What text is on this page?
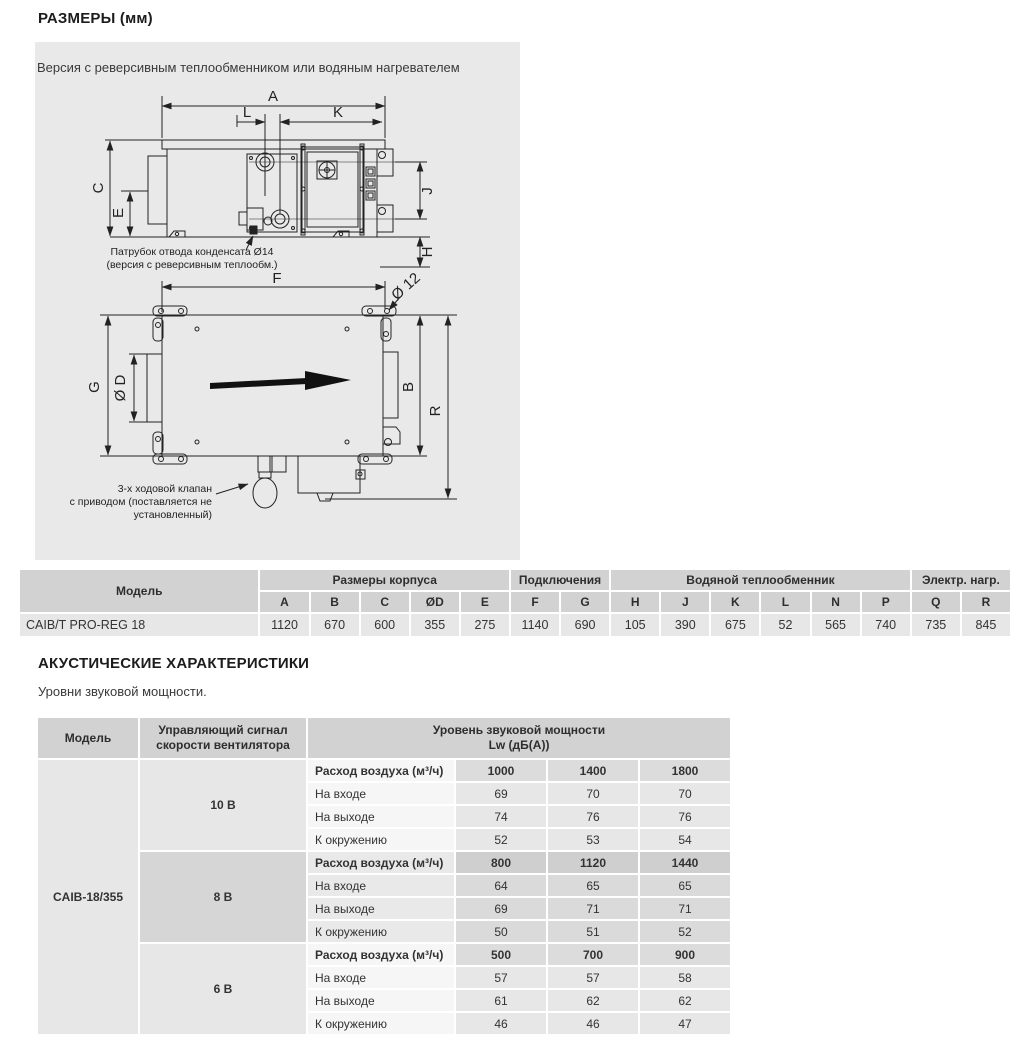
РАЗМЕРЫ (мм)
Версия с реверсивным теплообменником или водяным нагревателем
A
L	K
J
H
C
E
Патрубок отвода конденсата Ø14
(версия с реверсивным теплообм.)
F	Ø 12
G Ø D	B
R
3-х ходовой клапан
с приводом (поставляется не
установленный)
Модель	Размеры корпуса					Подключения		Водяной теплообменник						Электр. нагр.	
	A	B	C	ØD	E	F	G	H	J	K	L	N	P	Q	R
CAIB/T PRO-REG 18	1120	670	600	355	275	1140	690	105	390	675	52	565	740	735	845
АКУСТИЧЕСКИЕ ХАРАКТЕРИСТИКИ
Уровни звуковой мощности.
Модель	Управляющий сигнал скорости вентилятора	Уровень звуковой мощности
Lw (дБ(А))			

CAIB-18/355	10 В	Расход воздуха (м³/ч)	1000	1400	1800
		На входе	69	70	70
		На выходе	74	76	76
		К окружению	52	53	54
	8 В	Расход воздуха (м³/ч)	800	1120	1440
		На входе	64	65	65
		На выходе	69	71	71
		К окружению	50	51	52
	6 В	Расход воздуха (м³/ч)	500	700	900
		На входе	57	57	58
		На выходе	61	62	62
		К окружению	46	46	47
